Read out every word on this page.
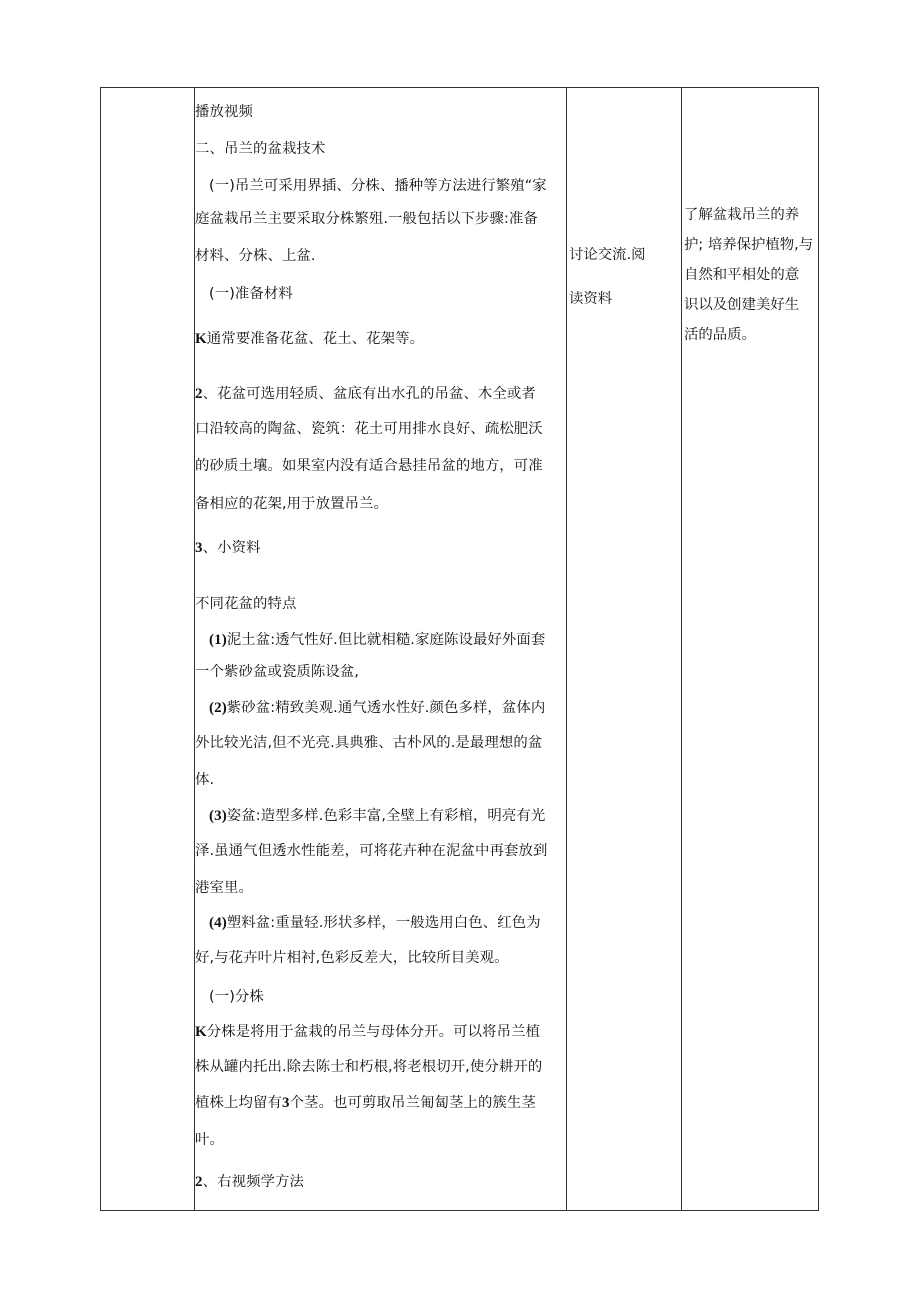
播放视频
二、吊兰的盆栽技术
(一)吊兰可采用界插、分株、播种等方法进行繁殖“家
庭盆栽吊兰主要采取分株繁殂.一般包括以下步骤:准备
材料、分株、上盆.
(一)准备材料
K通常要准备花盆、花土、花架等。
2、花盆可选用轻质、盆底有出水孔的吊盆、木全或者
口沿较高的陶盆、瓷筑：花土可用排水良好、疏松肥沃
的砂质土壤。如果室内没有适合悬挂吊盆的地方，可准
备相应的花架,用于放置吊兰。
3、小资料
不同花盆的特点
(1)泥土盆:透气性好.但比就相糙.家庭陈设最好外面套
一个紫砂盆或瓷质陈设盆,
(2)紫砂盆:精致美观.通气透水性好.颜色多样，盆体内
外比较光洁,但不光亮.具典雅、古朴风的.是最理想的盆
体.
(3)姿盆:造型多样.色彩丰富,全壁上有彩棺，明亮有光
泽.虽通气但透水性能差，可将花卉种在泥盆中再套放到
港室里。
(4)塑料盆:重量轻.形状多样，一般选用白色、红色为
好,与花卉叶片相衬,色彩反差大，比较所目美观。
(一)分株
K分株是将用于盆栽的吊兰与母体分开。可以将吊兰植
株从罐内托出.除去陈士和朽根,将老根切开,使分耕开的
植株上均留有3个茎。也可剪取吊兰匍匐茎上的簇生茎
叶。
2、右视频学方法
讨论交流.阅
读资料
了解盆栽吊兰的养
护; 培养保护植物,与
自然和平相处的意
识以及创建美好生
活的品质。
